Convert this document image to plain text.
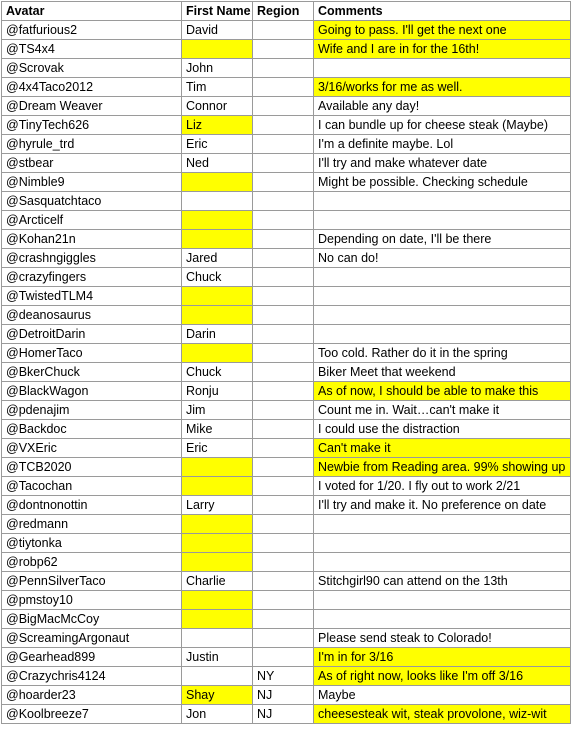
Avatar	First Name	Region	Comments
@fatfurious2	David		Going to pass. I'll get the next one
@TS4x4			Wife and I are in for the 16th!
@Scrovak	John		
@4x4Taco2012	Tim		3/16/works for me as well.
@Dream Weaver	Connor		Available any day!
@TinyTech626	Liz		I can bundle up for cheese steak (Maybe)
@hyrule_trd	Eric		I'm a definite maybe. Lol
@stbear	Ned		I'll try and make whatever date
@Nimble9			Might be possible. Checking schedule
@Sasquatchtaco			
@Arcticelf			
@Kohan21n			Depending on date, I'll be there
@crashngiggles	Jared		No can do!
@crazyfingers	Chuck		
@TwistedTLM4			
@deanosaurus			
@DetroitDarin	Darin		
@HomerTaco			Too cold. Rather do it in the spring
@BkerChuck	Chuck		Biker Meet that weekend
@BlackWagon	Ronju		As of now, I should be able to make this
@pdenajim	Jim		Count me in. Wait…can't make it
@Backdoc	Mike		I could use the distraction
@VXEric	Eric		Can't make it
@TCB2020			Newbie from Reading area. 99% showing up
@Tacochan			I voted for 1/20. I fly out to work 2/21
@dontnonottin	Larry		I'll try and make it. No preference on date
@redmann			
@tiytonka			
@robp62			
@PennSilverTaco	Charlie		Stitchgirl90 can attend on the 13th
@pmstoy10			
@BigMacMcCoy			
@ScreamingArgonaut			Please send steak to Colorado!
@Gearhead899	Justin		I'm in for 3/16
@Crazychris4124		NY	As of right now, looks like I'm off 3/16
@hoarder23	Shay	NJ	Maybe
@Koolbreeze7	Jon	NJ	cheesesteak wit, steak provolone, wiz-wit
